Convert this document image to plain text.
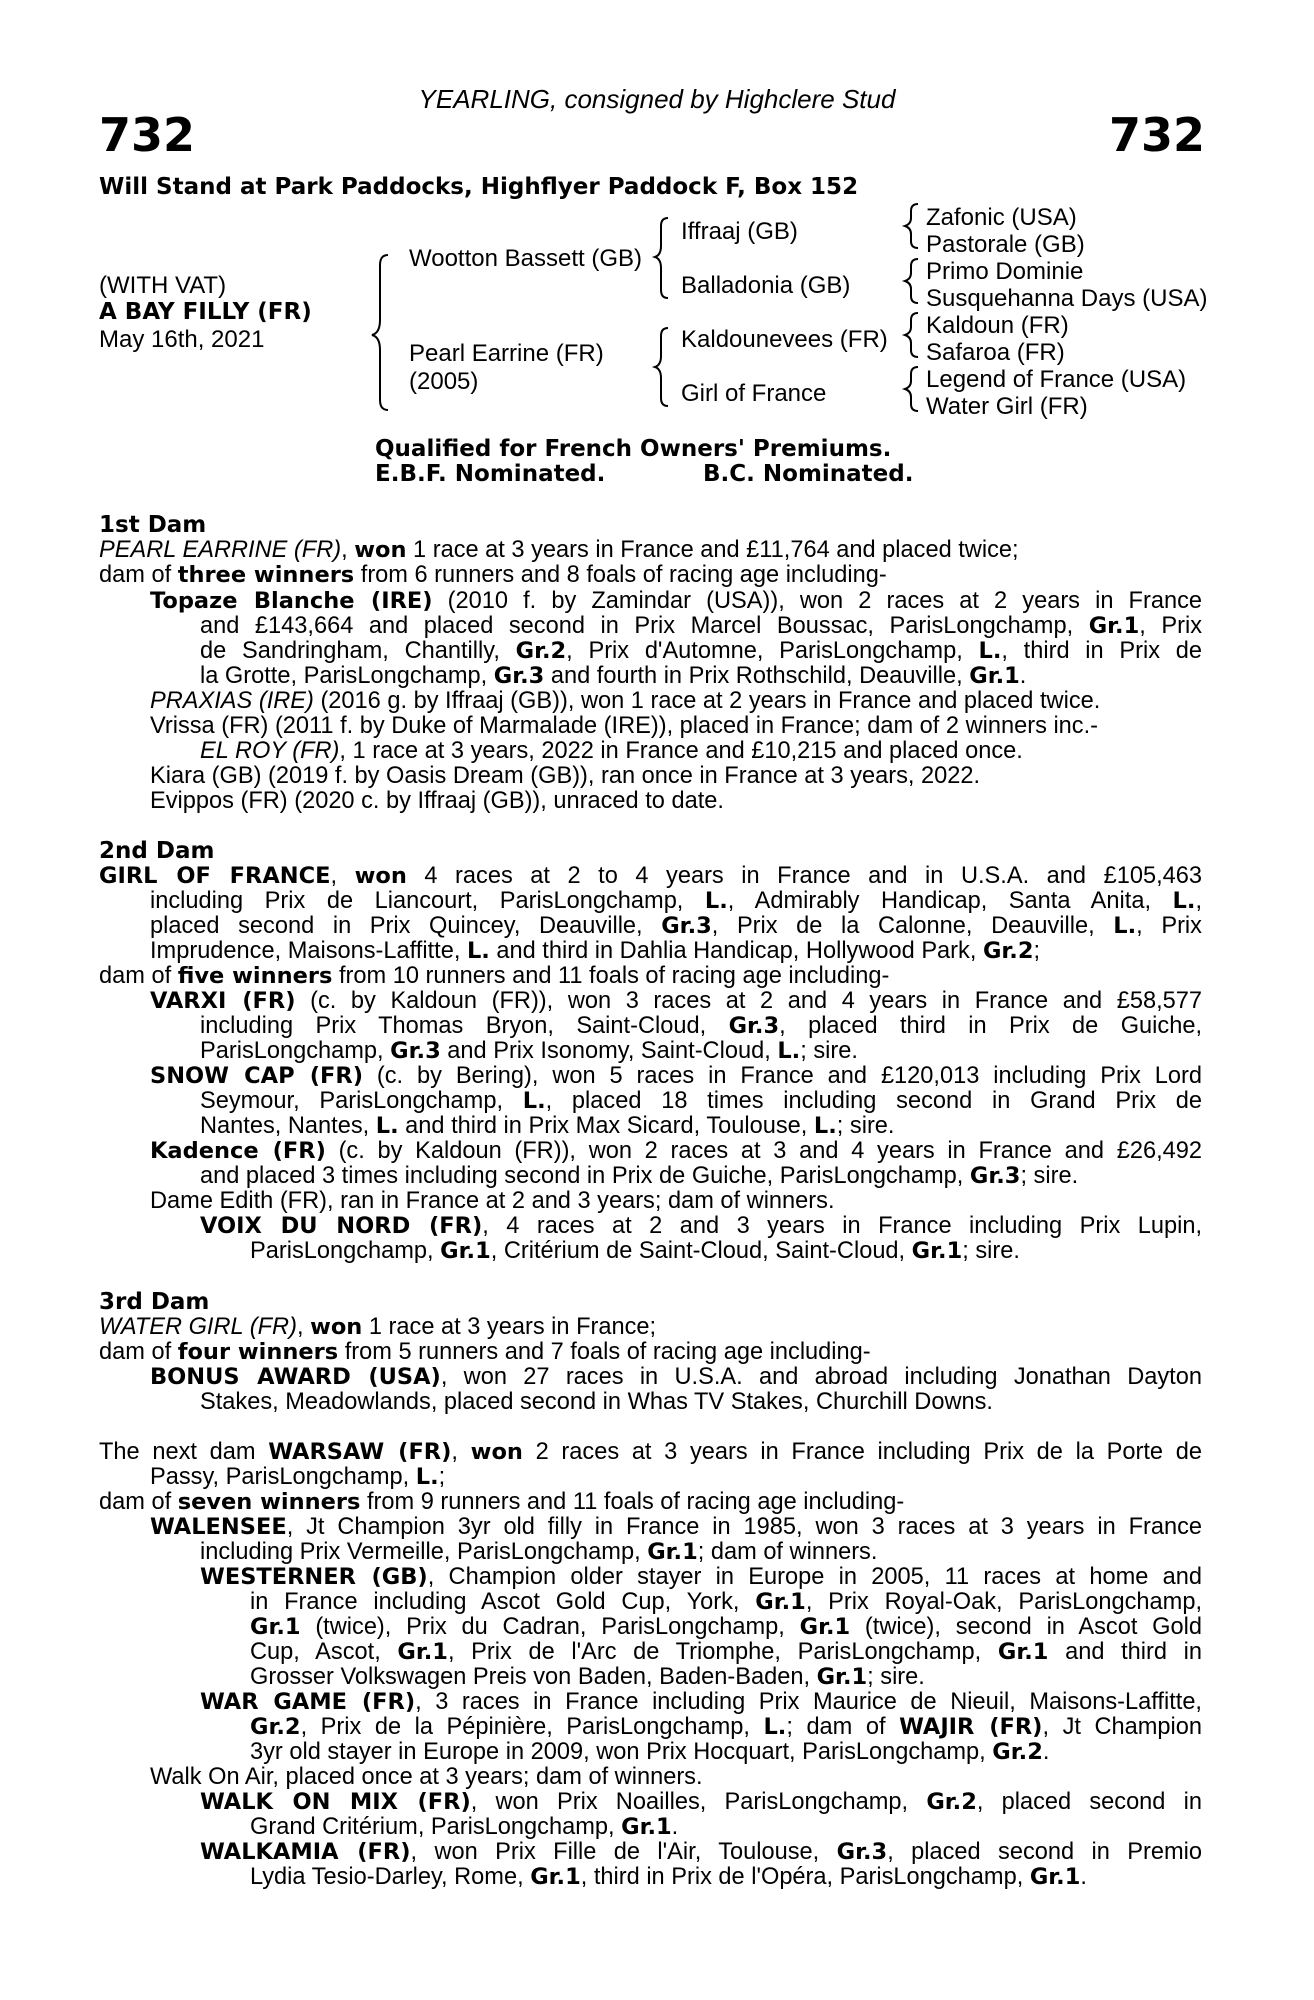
YEARLING, consigned by Highclere Stud
732	732
Will Stand at Park Paddocks, Highflyer Paddock F, Box 152
(WITH VAT)
A BAY FILLY (FR)
May 16th, 2021
Wootton Bassett (GB)
Pearl Earrine (FR)
(2005)
Iffraaj (GB)
Balladonia (GB)
Kaldounevees (FR)
Girl of France
Zafonic (USA)
Pastorale (GB)
Primo Dominie
Susquehanna Days (USA)
Kaldoun (FR)
Safaroa (FR)
Legend of France (USA)
Water Girl (FR)
Qualified for French Owners' Premiums.
E.B.F. Nominated.	B.C. Nominated.
1st Dam
PEARL EARRINE (FR), won 1 race at 3 years in France and £11,764 and placed twice;
dam of three winners from 6 runners and 8 foals of racing age including-
Topaze Blanche (IRE) (2010 f. by Zamindar (USA)), won 2 races at 2 years in France
and £143,664 and placed second in Prix Marcel Boussac, ParisLongchamp, Gr.1, Prix
de Sandringham, Chantilly, Gr.2, Prix d'Automne, ParisLongchamp, L., third in Prix de
la Grotte, ParisLongchamp, Gr.3 and fourth in Prix Rothschild, Deauville, Gr.1.
PRAXIAS (IRE) (2016 g. by Iffraaj (GB)), won 1 race at 2 years in France and placed twice.
Vrissa (FR) (2011 f. by Duke of Marmalade (IRE)), placed in France; dam of 2 winners inc.-
EL ROY (FR), 1 race at 3 years, 2022 in France and £10,215 and placed once.
Kiara (GB) (2019 f. by Oasis Dream (GB)), ran once in France at 3 years, 2022.
Evippos (FR) (2020 c. by Iffraaj (GB)), unraced to date.
2nd Dam
GIRL OF FRANCE, won 4 races at 2 to 4 years in France and in U.S.A. and £105,463
including Prix de Liancourt, ParisLongchamp, L., Admirably Handicap, Santa Anita, L.,
placed second in Prix Quincey, Deauville, Gr.3, Prix de la Calonne, Deauville, L., Prix
Imprudence, Maisons-Laffitte, L. and third in Dahlia Handicap, Hollywood Park, Gr.2;
dam of five winners from 10 runners and 11 foals of racing age including-
VARXI (FR) (c. by Kaldoun (FR)), won 3 races at 2 and 4 years in France and £58,577
including Prix Thomas Bryon, Saint-Cloud, Gr.3, placed third in Prix de Guiche,
ParisLongchamp, Gr.3 and Prix Isonomy, Saint-Cloud, L.; sire.
SNOW CAP (FR) (c. by Bering), won 5 races in France and £120,013 including Prix Lord
Seymour, ParisLongchamp, L., placed 18 times including second in Grand Prix de
Nantes, Nantes, L. and third in Prix Max Sicard, Toulouse, L.; sire.
Kadence (FR) (c. by Kaldoun (FR)), won 2 races at 3 and 4 years in France and £26,492
and placed 3 times including second in Prix de Guiche, ParisLongchamp, Gr.3; sire.
Dame Edith (FR), ran in France at 2 and 3 years; dam of winners.
VOIX DU NORD (FR), 4 races at 2 and 3 years in France including Prix Lupin,
ParisLongchamp, Gr.1, Critérium de Saint-Cloud, Saint-Cloud, Gr.1; sire.
3rd Dam
WATER GIRL (FR), won 1 race at 3 years in France;
dam of four winners from 5 runners and 7 foals of racing age including-
BONUS AWARD (USA), won 27 races in U.S.A. and abroad including Jonathan Dayton
Stakes, Meadowlands, placed second in Whas TV Stakes, Churchill Downs.
The next dam WARSAW (FR), won 2 races at 3 years in France including Prix de la Porte de
Passy, ParisLongchamp, L.;
dam of seven winners from 9 runners and 11 foals of racing age including-
WALENSEE, Jt Champion 3yr old filly in France in 1985, won 3 races at 3 years in France
including Prix Vermeille, ParisLongchamp, Gr.1; dam of winners.
WESTERNER (GB), Champion older stayer in Europe in 2005, 11 races at home and
in France including Ascot Gold Cup, York, Gr.1, Prix Royal-Oak, ParisLongchamp,
Gr.1 (twice), Prix du Cadran, ParisLongchamp, Gr.1 (twice), second in Ascot Gold
Cup, Ascot, Gr.1, Prix de l'Arc de Triomphe, ParisLongchamp, Gr.1 and third in
Grosser Volkswagen Preis von Baden, Baden-Baden, Gr.1; sire.
WAR GAME (FR), 3 races in France including Prix Maurice de Nieuil, Maisons-Laffitte,
Gr.2, Prix de la Pépinière, ParisLongchamp, L.; dam of WAJIR (FR), Jt Champion
3yr old stayer in Europe in 2009, won Prix Hocquart, ParisLongchamp, Gr.2.
Walk On Air, placed once at 3 years; dam of winners.
WALK ON MIX (FR), won Prix Noailles, ParisLongchamp, Gr.2, placed second in
Grand Critérium, ParisLongchamp, Gr.1.
WALKAMIA (FR), won Prix Fille de l'Air, Toulouse, Gr.3, placed second in Premio
Lydia Tesio-Darley, Rome, Gr.1, third in Prix de l'Opéra, ParisLongchamp, Gr.1.
